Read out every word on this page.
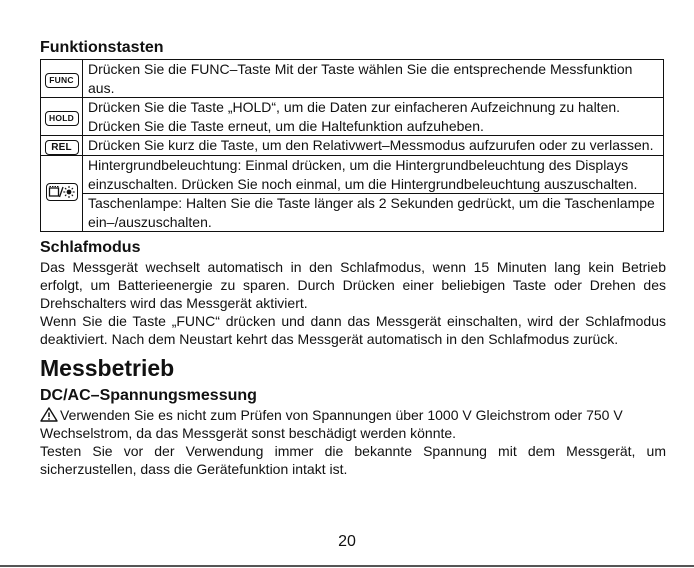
Funktionstasten
FUNC	Drücken Sie die FUNC–Taste Mit der Taste wählen Sie die entsprechende Messfunktion aus.
HOLD	Drücken Sie die Taste „HOLD“, um die Daten zur einfacheren Aufzeichnung zu halten. Drücken Sie die Taste erneut, um die Haltefunktion aufzuheben.
REL	Drücken Sie kurz die Taste, um den Relativwert–Messmodus aufzurufen oder zu verlassen.

	Hintergrundbeleuchtung: Einmal drücken, um die Hintergrundbeleuchtung des Displays einzuschalten. Drücken Sie noch einmal, um die Hintergrundbeleuchtung auszuschalten.
	Taschenlampe: Halten Sie die Taste länger als 2 Sekunden gedrückt, um die Taschenlampe ein–/auszuschalten.
Schlafmodus

Das Messgerät wechselt automatisch in den Schlafmodus, wenn 15 Minuten lang kein Betrieb erfolgt, um Batterieenergie zu sparen. Durch Drücken einer beliebigen Taste oder Drehen des Drehschalters wird das Messgerät aktiviert.

Wenn Sie die Taste „FUNC“ drücken und dann das Messgerät einschalten, wird der Schlafmodus deaktiviert. Nach dem Neustart kehrt das Messgerät automatisch in den Schlafmodus zurück.

Messbetrieb
DC/AC–Spannungsmessung

Verwenden Sie es nicht zum Prüfen von Spannungen über 1000 V Gleichstrom oder 750 V Wechselstrom, da das Messgerät sonst beschädigt werden könnte.

Testen Sie vor der Verwendung immer die bekannte Spannung mit dem Messgerät, um sicherzustellen, dass die Gerätefunktion intakt ist.

20
